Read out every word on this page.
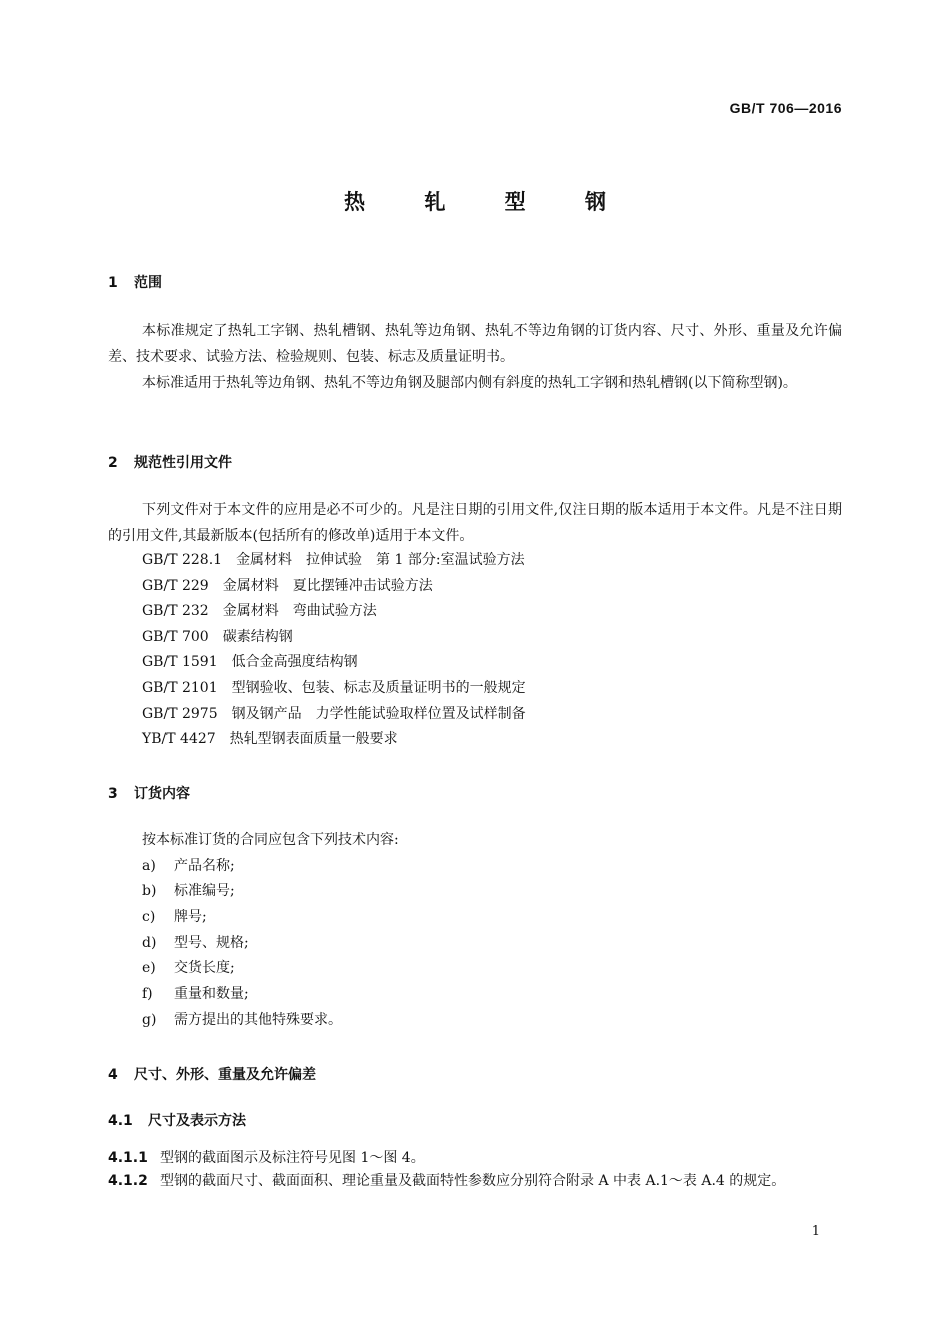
GB/T 706—2016
热 轧 型 钢
1 范围
本标准规定了热轧工字钢、热轧槽钢、热轧等边角钢、热轧不等边角钢的订货内容、尺寸、外形、重量及允许偏差、技术要求、试验方法、检验规则、包装、标志及质量证明书。
本标准适用于热轧等边角钢、热轧不等边角钢及腿部内侧有斜度的热轧工字钢和热轧槽钢(以下简称型钢)。
2 规范性引用文件
下列文件对于本文件的应用是必不可少的。凡是注日期的引用文件,仅注日期的版本适用于本文件。凡是不注日期的引用文件,其最新版本(包括所有的修改单)适用于本文件。
GB/T 228.1　 金属材料　拉伸试验　第 1 部分:室温试验方法
GB/T 229　 金属材料　夏比摆锤冲击试验方法
GB/T 232　 金属材料　弯曲试验方法
GB/T 700　 碳素结构钢
GB/T 1591　 低合金高强度结构钢
GB/T 2101　 型钢验收、包装、标志及质量证明书的一般规定
GB/T 2975　 钢及钢产品　力学性能试验取样位置及试样制备
YB/T 4427　 热轧型钢表面质量一般要求
3 订货内容
按本标准订货的合同应包含下列技术内容:
a) 产品名称;
b) 标准编号;
c) 牌号;
d) 型号、规格;
e) 交货长度;
f) 重量和数量;
g) 需方提出的其他特殊要求。
4 尺寸、外形、重量及允许偏差
4.1 尺寸及表示方法
4.1.1 型钢的截面图示及标注符号见图 1～图 4。
4.1.2 型钢的截面尺寸、截面面积、理论重量及截面特性参数应分别符合附录 A 中表 A.1～表 A.4 的规定。
1
